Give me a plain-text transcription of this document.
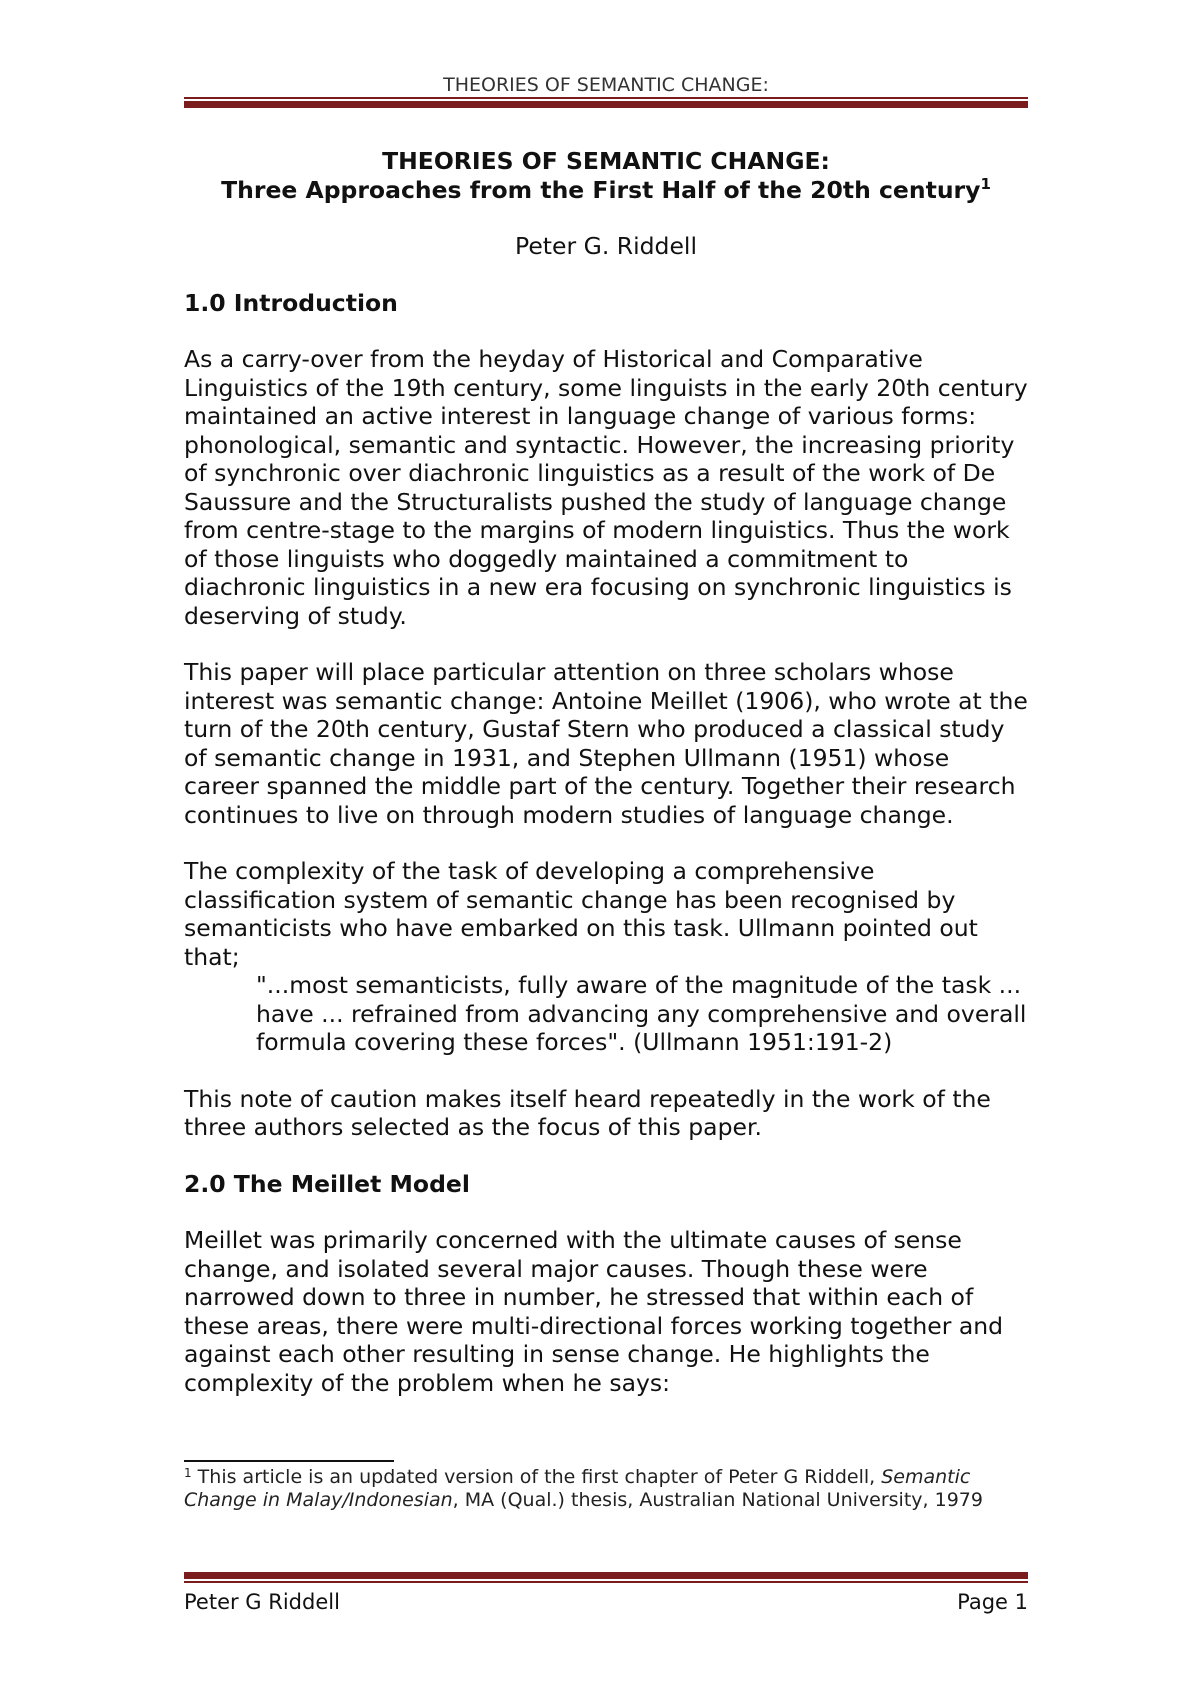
THEORIES OF SEMANTIC CHANGE:

THEORIES OF SEMANTIC CHANGE:

Three Approaches from the First Half of the 20th century$^1$

Peter G. Riddell

1.0 Introduction

As a carry-over from the heyday of Historical and Comparative Linguistics of the 19th century, some linguists in the early 20th century maintained an active interest in language change of various forms: phonological, semantic and syntactic. However, the increasing priority of synchronic over diachronic linguistics as a result of the work of De Saussure and the Structuralists pushed the study of language change from centre-stage to the margins of modern linguistics. Thus the work of those linguists who doggedly maintained a commitment to diachronic linguistics in a new era focusing on synchronic linguistics is deserving of study.

This paper will place particular attention on three scholars whose interest was semantic change: Antoine Meillet (1906), who wrote at the turn of the 20th century, Gustaf Stern who produced a classical study of semantic change in 1931, and Stephen Ullmann (1951) whose career spanned the middle part of the century. Together their research continues to live on through modern studies of language change.

The complexity of the task of developing a comprehensive classification system of semantic change has been recognised by semanticists who have embarked on this task. Ullmann pointed out that;

"...most semanticists, fully aware of the magnitude of the task ... have ... refrained from advancing any comprehensive and overall formula covering these forces". (Ullmann 1951:191-2)

This note of caution makes itself heard repeatedly in the work of the three authors selected as the focus of this paper.

2.0 The Meillet Model

Meillet was primarily concerned with the ultimate causes of sense change, and isolated several major causes. Though these were narrowed down to three in number, he stressed that within each of these areas, there were multi-directional forces working together and against each other resulting in sense change. He highlights the complexity of the problem when he says:

$^1$ This article is an updated version of the first chapter of Peter G Riddell, Semantic Change in Malay/Indonesian, MA (Qual.) thesis, Australian National University, 1979
Peter G Riddell	Page 1
